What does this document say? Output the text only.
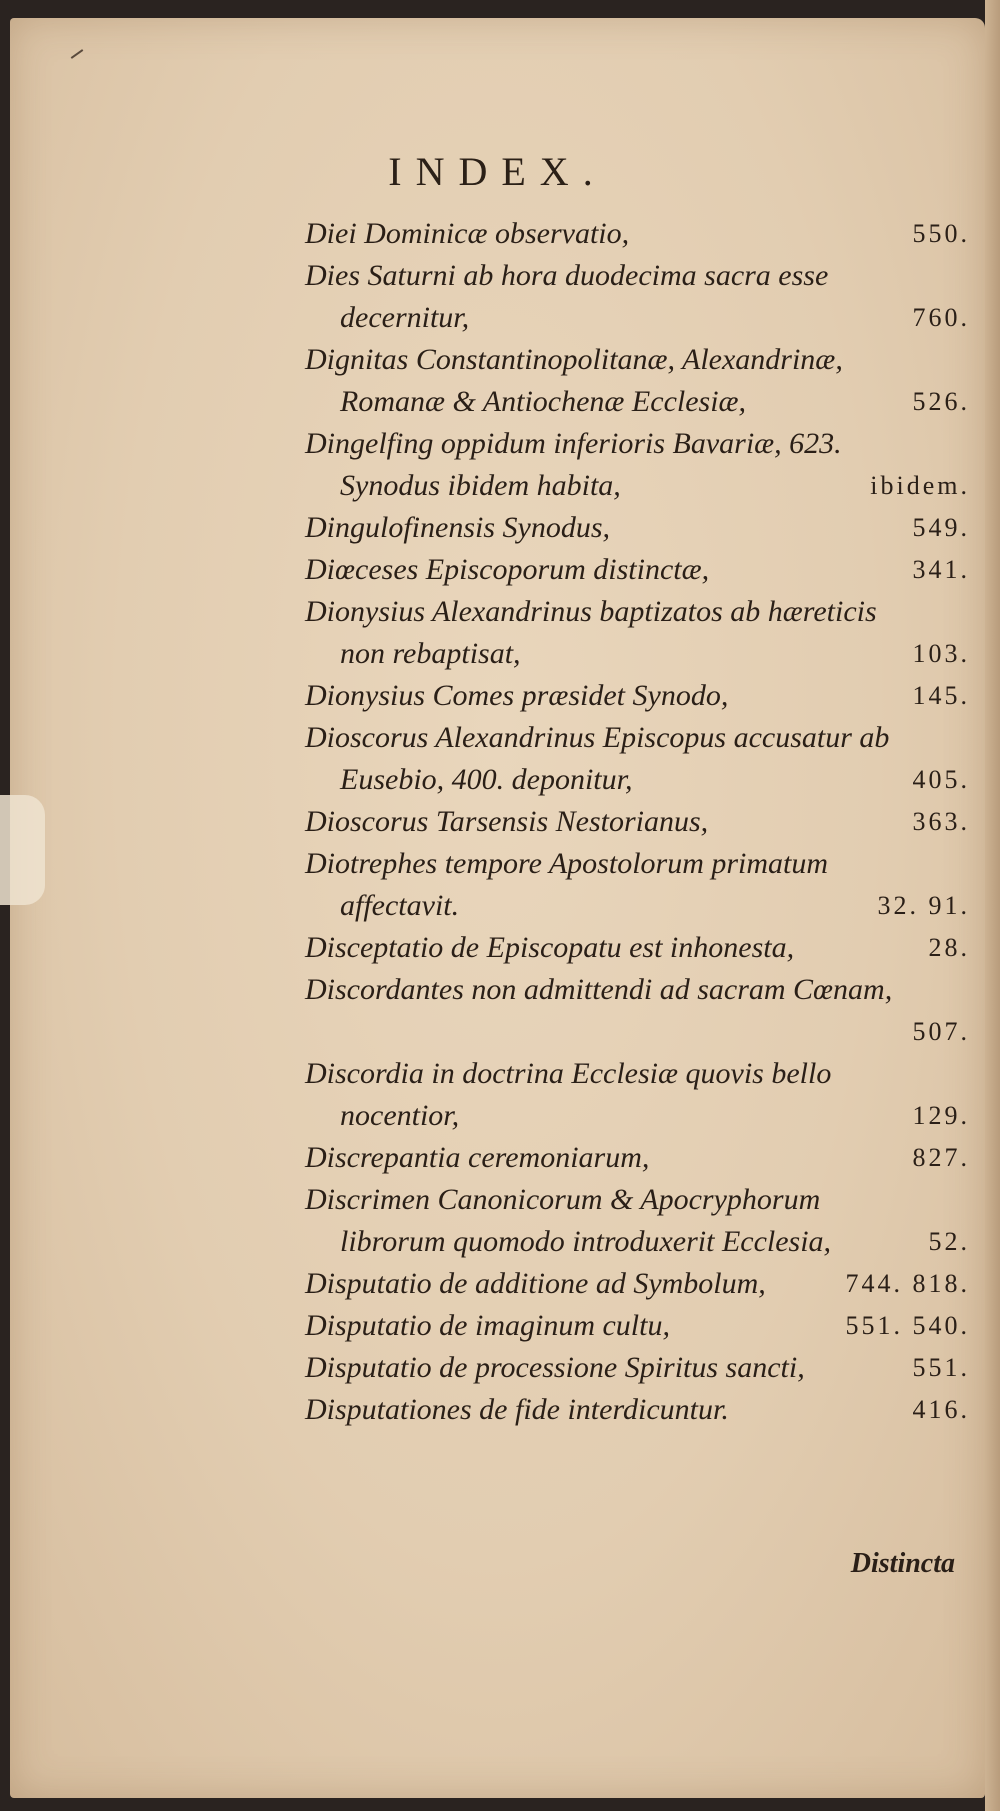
INDEX.
Diei Dominicæ observatio,	550.
Dies Saturni ab hora duodecima sacra esse decernitur,	760.
Dignitas Constantinopolitanæ, Alexandrinæ, Romanæ & Antiochenæ Ecclesiæ,	526.
Dingelfing oppidum inferioris Bavariæ, 623. Synodus ibidem habita,	ibidem.
Dingulofinensis Synodus,	549.
Diœceses Episcoporum distinctæ,	341.
Dionysius Alexandrinus baptizatos ab hæreticis non rebaptisat,	103.
Dionysius Comes præsidet Synodo,	145.
Dioscorus Alexandrinus Episcopus accusatur ab Eusebio, 400. deponitur,	405.
Dioscorus Tarsensis Nestorianus,	363.
Diotrephes tempore Apostolorum primatum affectavit.	32. 91.
Disceptatio de Episcopatu est inhonesta,	28.
Discordantes non admittendi ad sacram Cœnam,
507.
Discordia in doctrina Ecclesiæ quovis bello nocentior,	129.
Discrepantia ceremoniarum,	827.
Discrimen Canonicorum & Apocryphorum librorum quomodo introduxerit Ecclesia,	52.
Disputatio de additione ad Symbolum,	744. 818.
Disputatio de imaginum cultu,	551. 540.
Disputatio de processione Spiritus sancti,	551.
Disputationes de fide interdicuntur.	416.
Distincta
